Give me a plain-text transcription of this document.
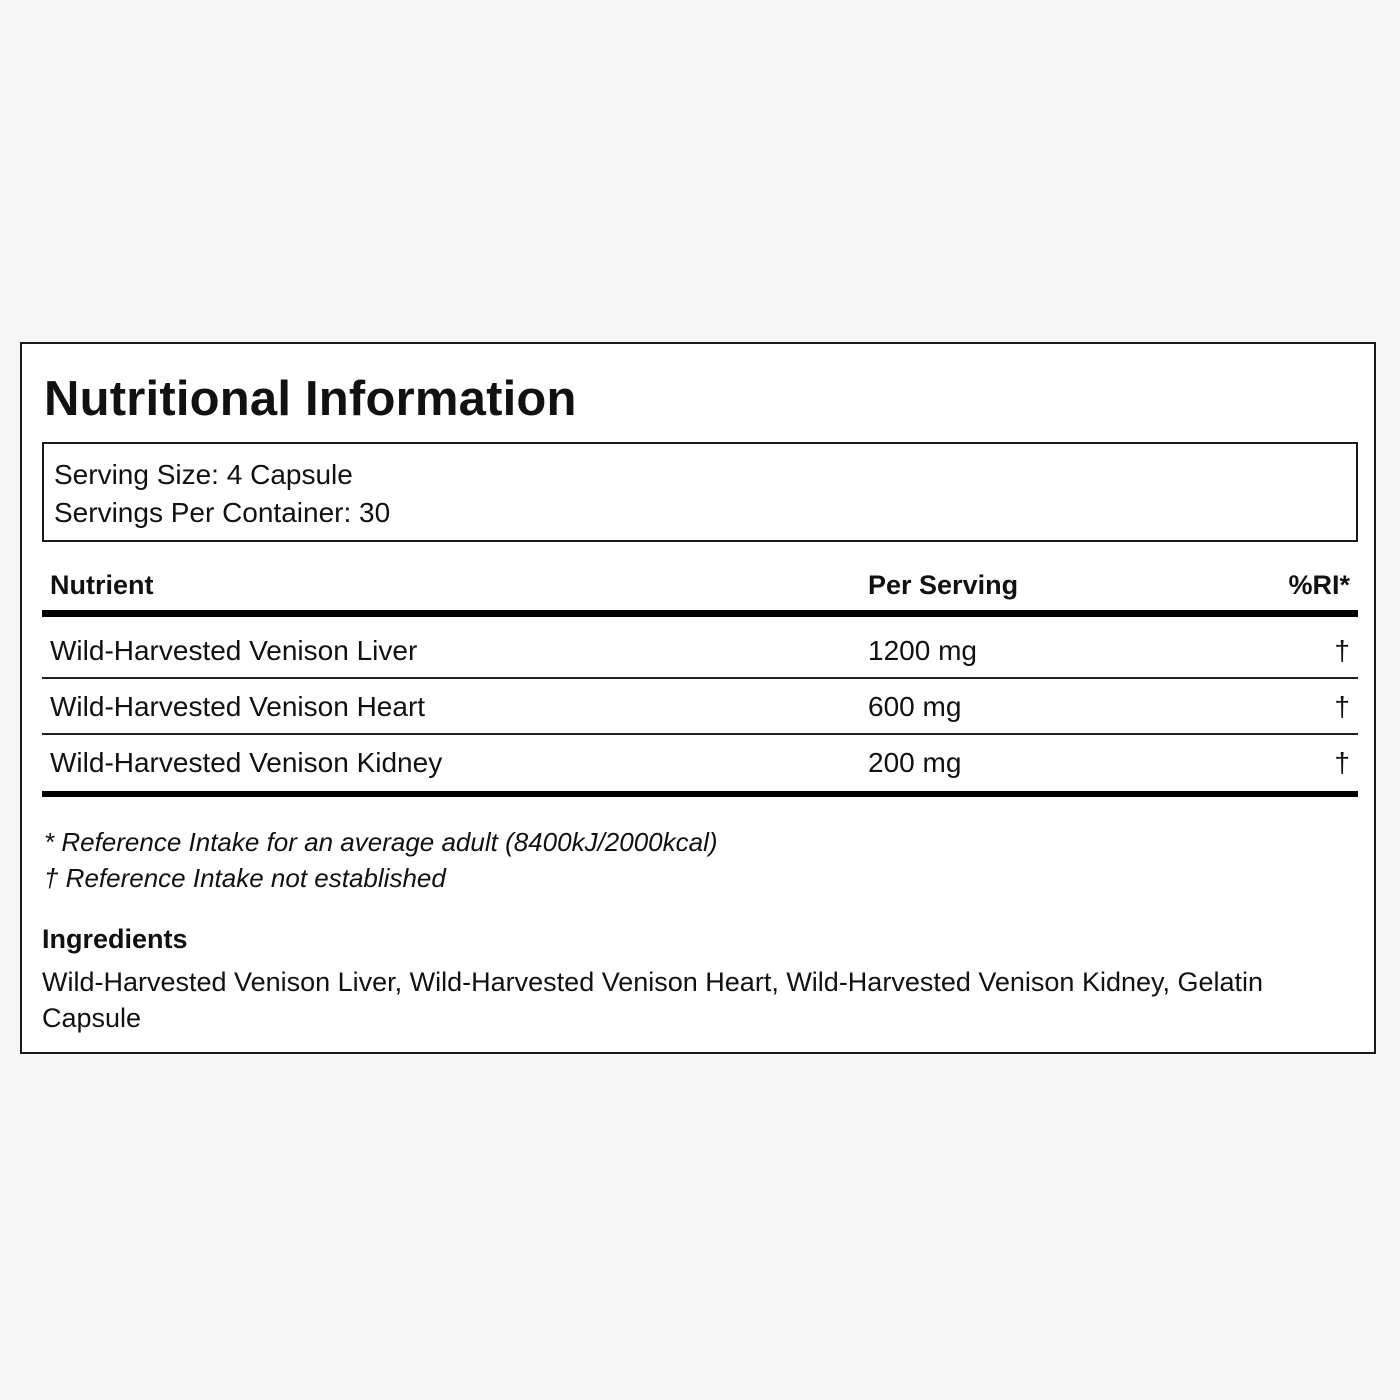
Nutritional Information
Serving Size: 4 Capsule
Servings Per Container: 30
Nutrient	Per Serving	%RI*
Wild-Harvested Venison Liver	1200 mg	†
Wild-Harvested Venison Heart	600 mg	†
Wild-Harvested Venison Kidney	200 mg	†
* Reference Intake for an average adult (8400kJ/2000kcal)
† Reference Intake not established
Ingredients
Wild-Harvested Venison Liver, Wild-Harvested Venison Heart, Wild-Harvested Venison Kidney, Gelatin Capsule
